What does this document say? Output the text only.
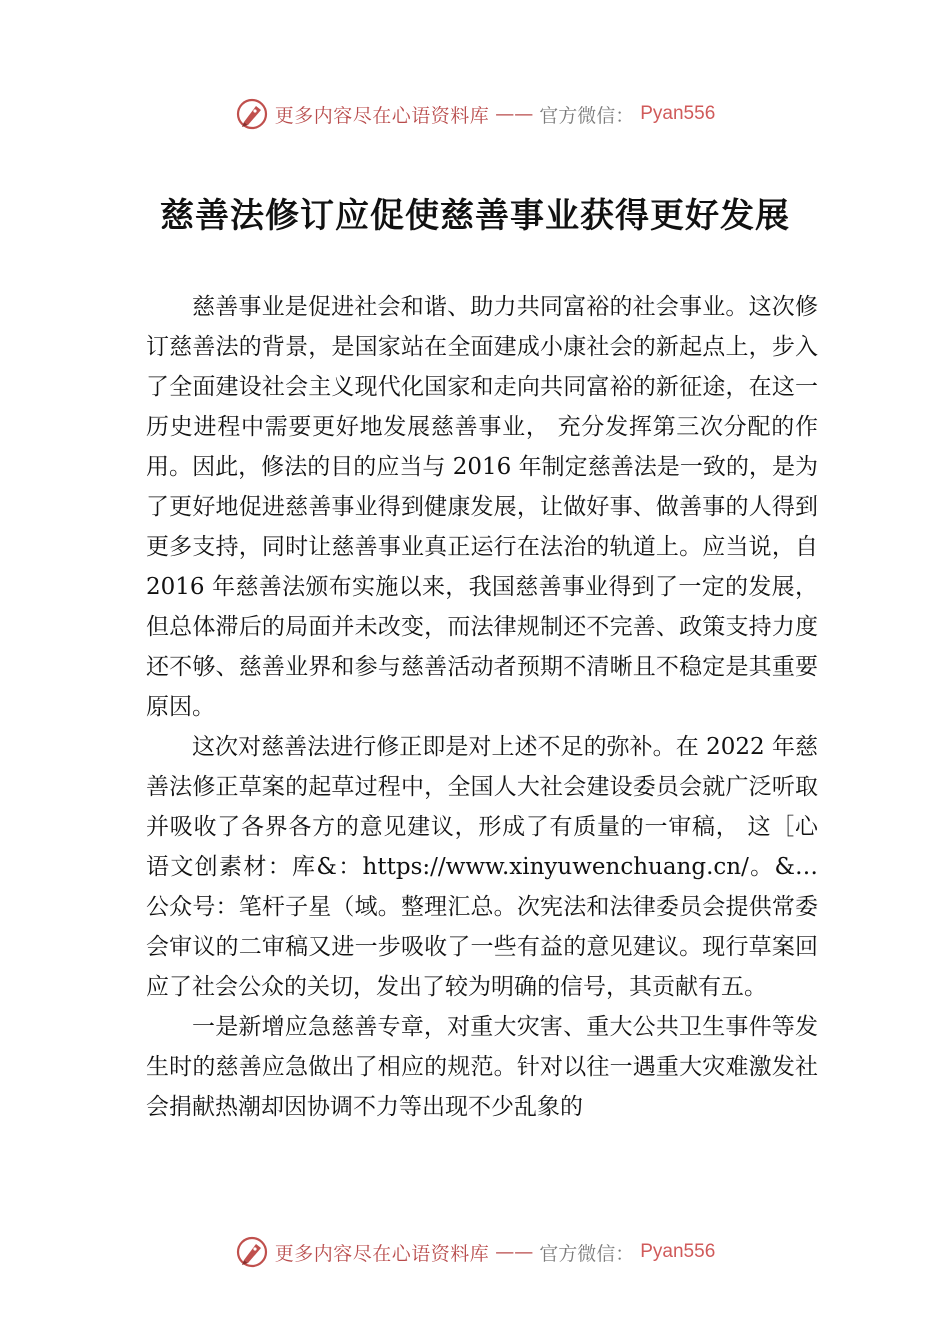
更多内容尽在心语资料库 —— 官方微信： Pyan556
慈善法修订应促使慈善事业获得更好发展

慈善事业是促进社会和谐、助力共同富裕的社会事业。这次修订慈善法的背景，是国家站在全面建成小康社会的新起点上，步入了全面建设社会主义现代化国家和走向共同富裕的新征途，在这一历史进程中需要更好地发展慈善事业， 充分发挥第三次分配的作用。因此，修法的目的应当与 2016 年制定慈善法是一致的，是为了更好地促进慈善事业得到健康发展，让做好事、做善事的人得到更多支持，同时让慈善事业真正运行在法治的轨道上。应当说，自 2016 年慈善法颁布实施以来，我国慈善事业得到了一定的发展，但总体滞后的局面并未改变，而法律规制还不完善、政策支持力度还不够、慈善业界和参与慈善活动者预期不清晰且不稳定是其重要原因。

这次对慈善法进行修正即是对上述不足的弥补。在 2022 年慈善法修正草案的起草过程中，全国人大社会建设委员会就广泛听取并吸收了各界各方的意见建议，形成了有质量的一审稿， 这［心语文创素材：库&：https://www.xinyuwenchuang.cn/。&…公众号：笔杆子星（域。整理汇总。次宪法和法律委员会提供常委会审议的二审稿又进一步吸收了一些有益的意见建议。现行草案回应了社会公众的关切，发出了较为明确的信号，其贡献有五。

一是新增应急慈善专章，对重大灾害、重大公共卫生事件等发生时的慈善应急做出了相应的规范。针对以往一遇重大灾难激发社会捐献热潮却因协调不力等出现不少乱象的

更多内容尽在心语资料库 —— 官方微信： Pyan556
